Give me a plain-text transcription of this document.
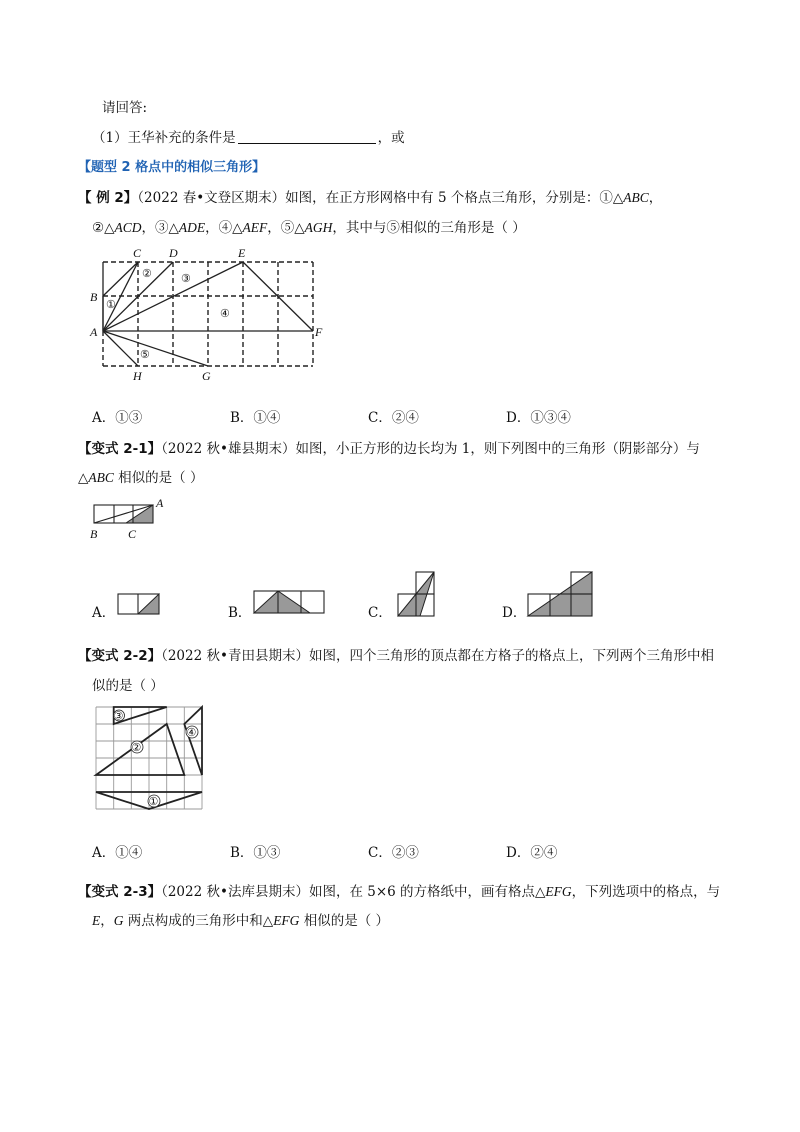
请回答:
（1）王华补充的条件是	，或
【题型 2 格点中的相似三角形】
【 例 2】（2022 春•文登区期末）如图，在正方形网格中有 5 个格点三角形，分别是：①△ABC，
②△ACD，③△ADE，④△AEF，⑤△AGH，其中与⑤相似的三角形是（ ）
B
A
C D	E
F
H	G
①
②	③
④
⑤
A．①③	B．①④	C．②④	D．①③④
【变式 2-1】（2022 秋•雄县期末）如图，小正方形的边长均为 1，则下列图中的三角形（阴影部分）与
△ABC 相似的是（ ）
A
B	C
A．	B．	C．	D．
【变式 2-2】（2022 秋•青田县期末）如图，四个三角形的顶点都在方格子的格点上，下列两个三角形中相
似的是（ ）
③
②
④
①
A．①④	B．①③	C．②③	D．②④
【变式 2-3】（2022 秋•法库县期末）如图，在 5×6 的方格纸中，画有格点△EFG，下列选项中的格点，与
E，G 两点构成的三角形中和△EFG 相似的是（ ）
